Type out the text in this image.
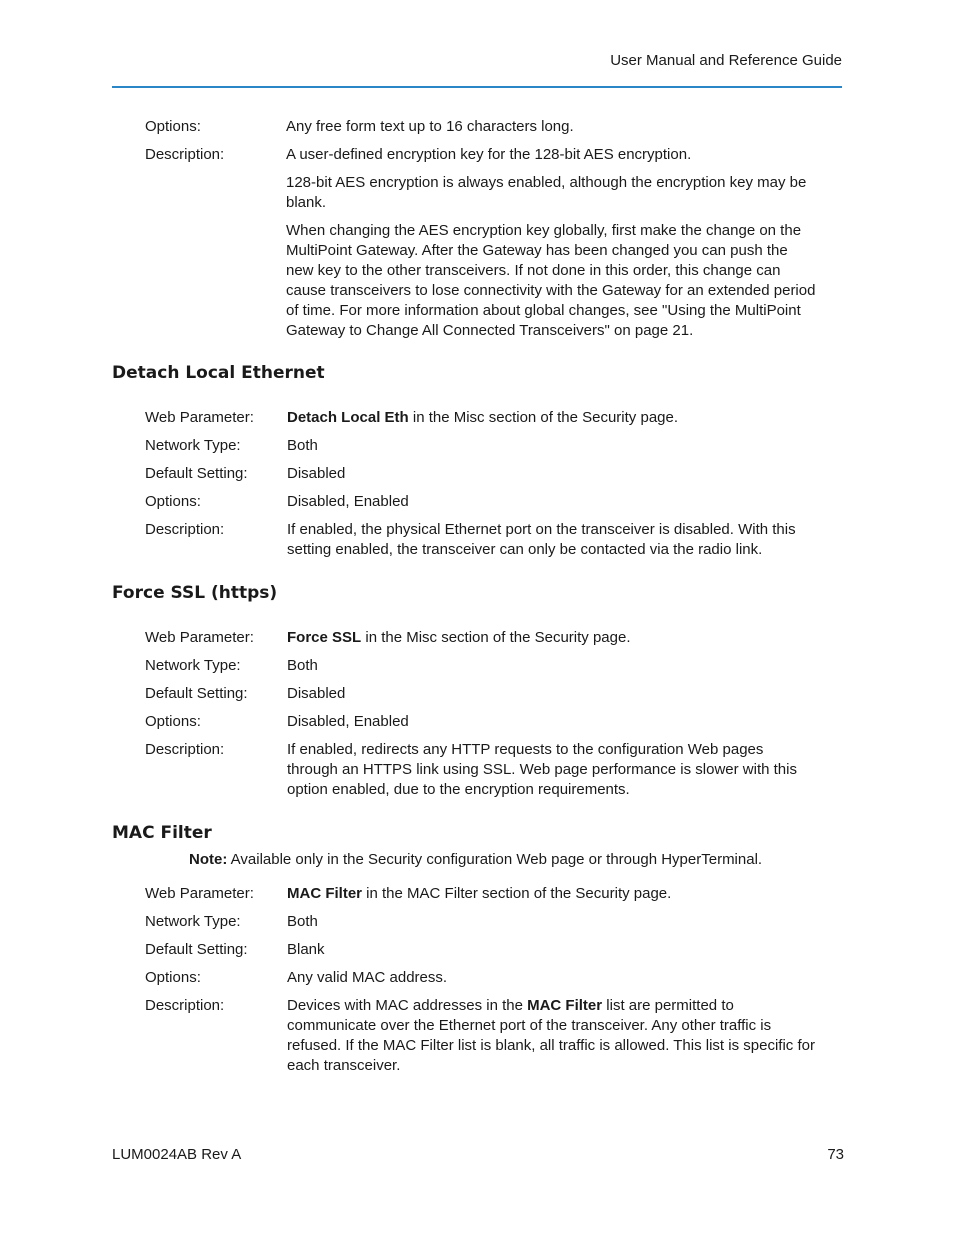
User Manual and Reference Guide
Options:	Any free form text up to 16 characters long.
Description:	A user-defined encryption key for the 128-bit AES encryption.
128-bit AES encryption is always enabled, although the encryption key may be blank.
When changing the AES encryption key globally, first make the change on the MultiPoint Gateway. After the Gateway has been changed you can push the new key to the other transceivers. If not done in this order, this change can cause transceivers to lose connectivity with the Gateway for an extended period of time. For more information about global changes, see "Using the MultiPoint Gateway to Change All Connected Transceivers" on page 21.
Detach Local Ethernet
Web Parameter: Detach Local Eth in the Misc section of the Security page.
Network Type:	Both
Default Setting:	Disabled
Options:	Disabled, Enabled
Description:	If enabled, the physical Ethernet port on the transceiver is disabled. With this setting enabled, the transceiver can only be contacted via the radio link.
Force SSL (https)
Web Parameter: Force SSL in the Misc section of the Security page.
Network Type:	Both
Default Setting:	Disabled
Options:	Disabled, Enabled
Description:	If enabled, redirects any HTTP requests to the configuration Web pages through an HTTPS link using SSL. Web page performance is slower with this option enabled, due to the encryption requirements.
MAC Filter
Note: Available only in the Security configuration Web page or through HyperTerminal.
Web Parameter: MAC Filter in the MAC Filter section of the Security page.
Network Type:	Both
Default Setting:	Blank
Options:	Any valid MAC address.
Description:	Devices with MAC addresses in the MAC Filter list are permitted to communicate over the Ethernet port of the transceiver. Any other traffic is refused. If the MAC Filter list is blank, all traffic is allowed. This list is specific for each transceiver.
LUM0024AB Rev A	73
